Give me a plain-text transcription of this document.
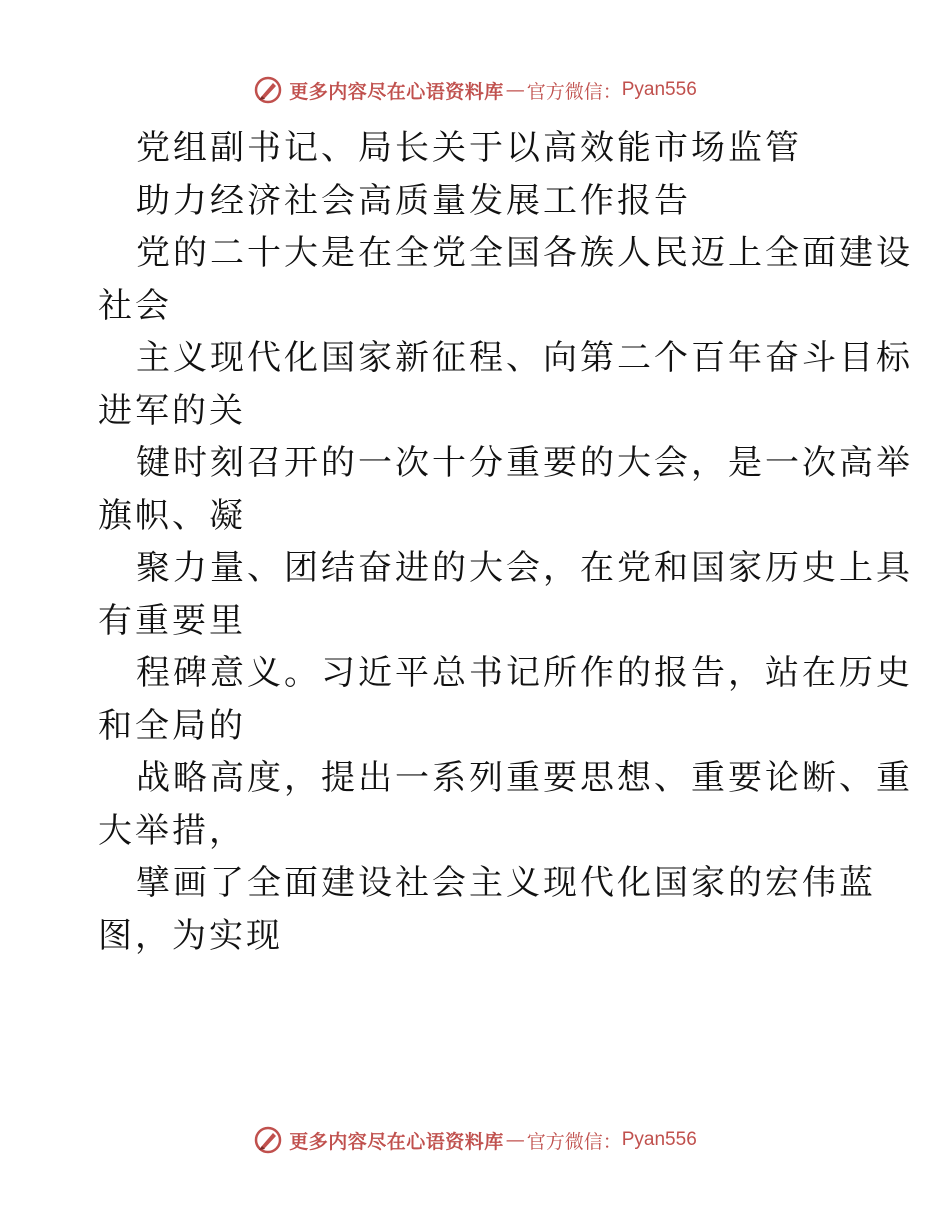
更多内容尽在心语资料库 — 官方微信： Pyan556
党组副书记、局长关于以高效能市场监管
助力经济社会高质量发展工作报告
党的二十大是在全党全国各族人民迈上全面建设
社会
主义现代化国家新征程、向第二个百年奋斗目标
进军的关
键时刻召开的一次十分重要的大会，是一次高举
旗帜、凝
聚力量、团结奋进的大会，在党和国家历史上具
有重要里
程碑意义。习近平总书记所作的报告，站在历史
和全局的
战略高度，提出一系列重要思想、重要论断、重
大举措，
擘画了全面建设社会主义现代化国家的宏伟蓝
图，为实现
更多内容尽在心语资料库 — 官方微信： Pyan556
